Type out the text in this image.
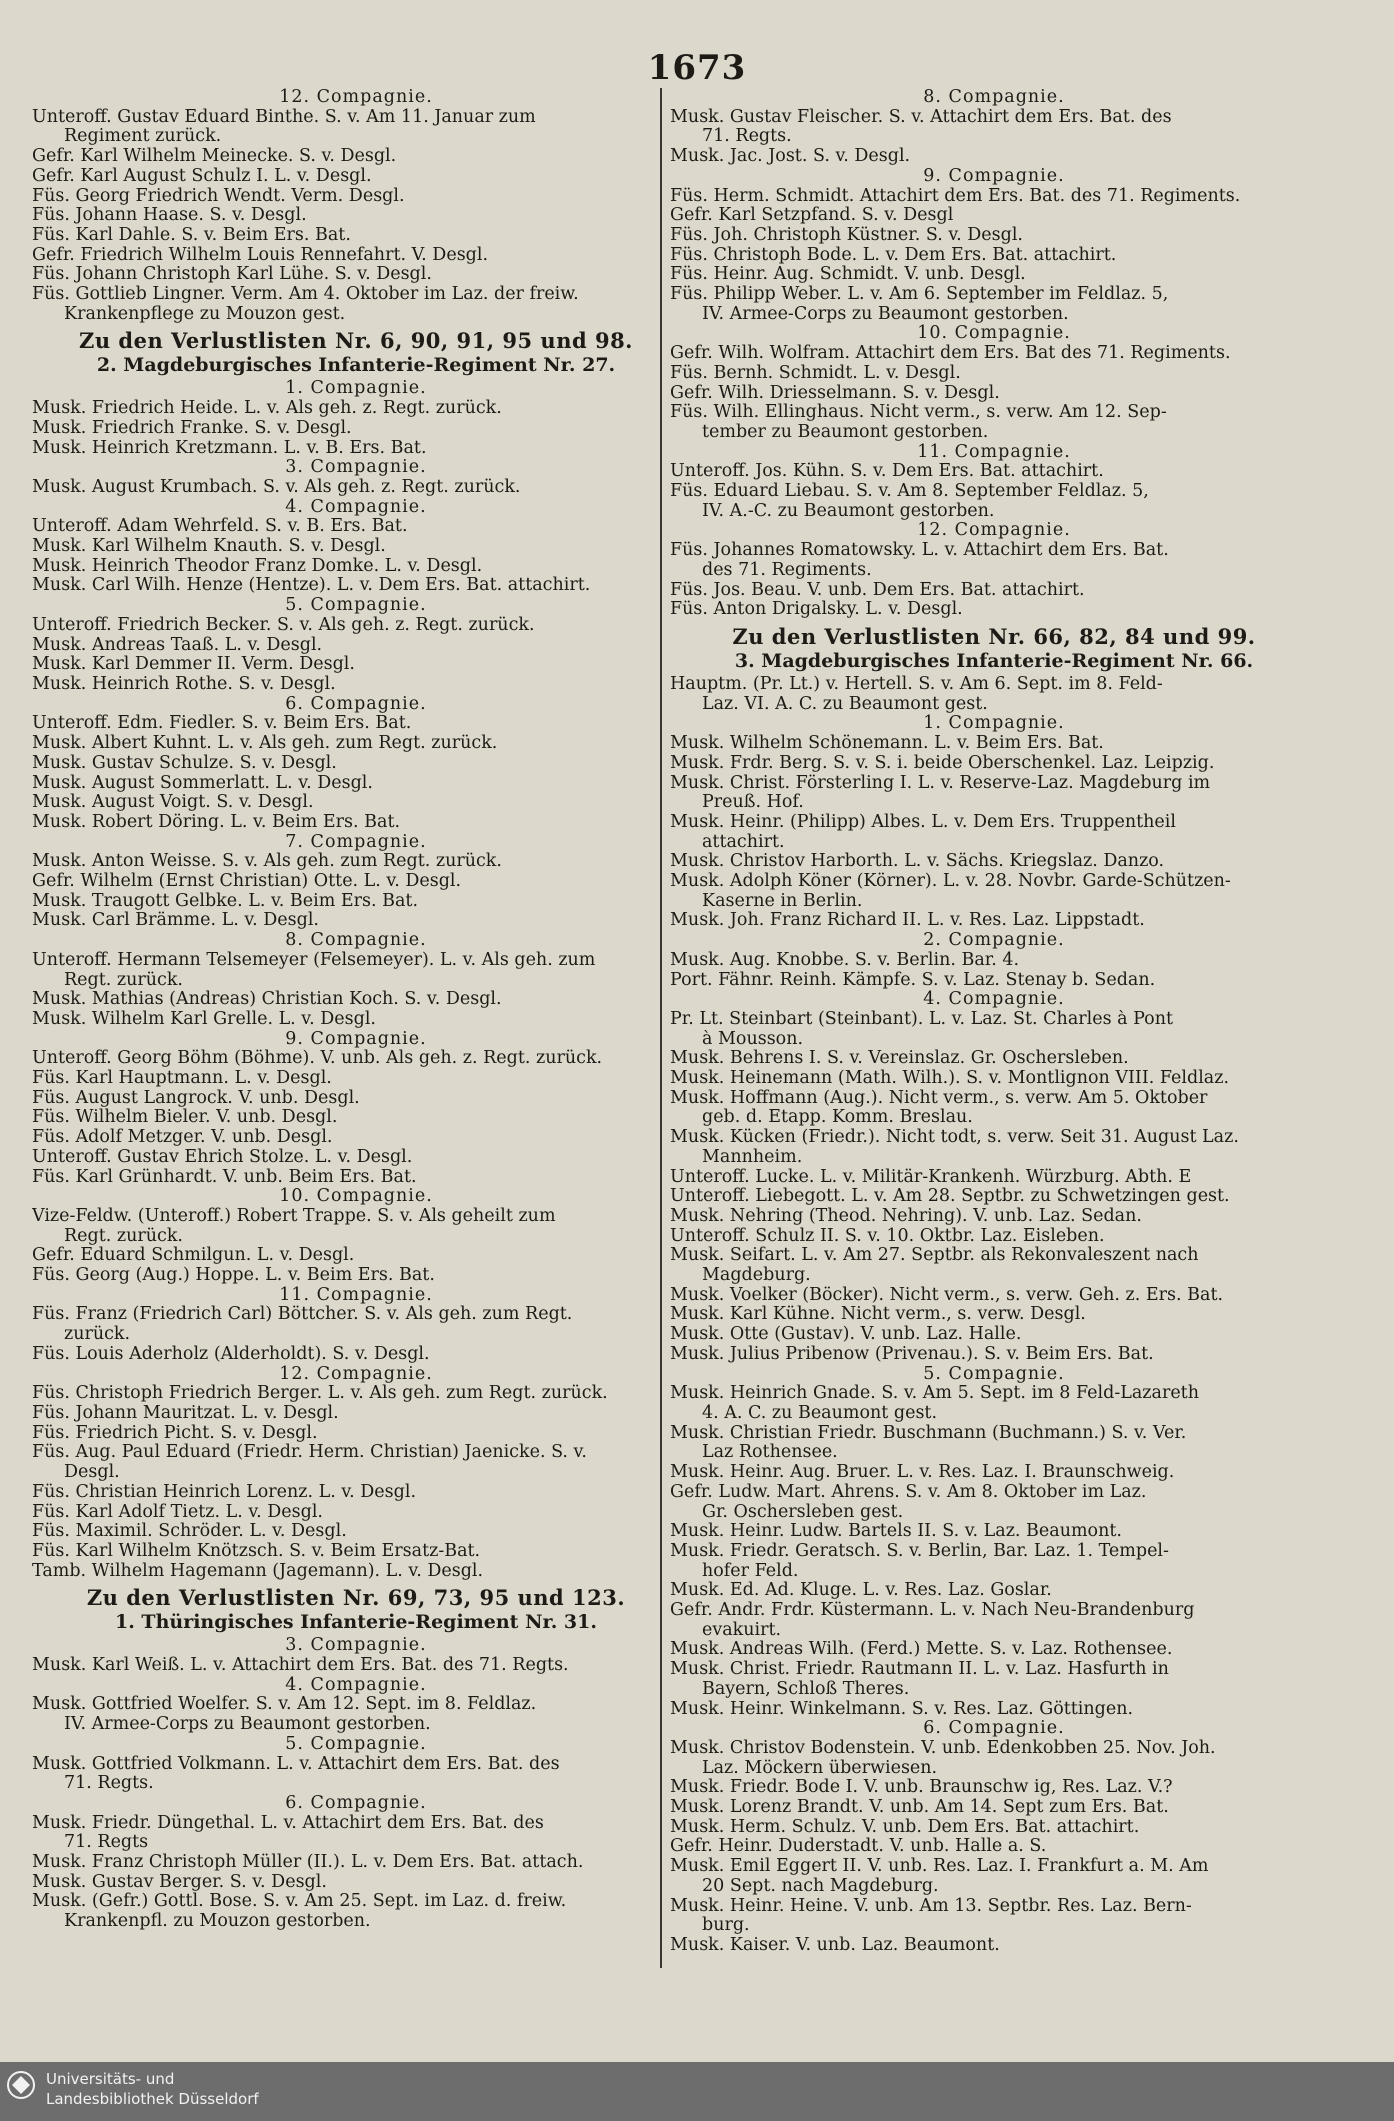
1673
12. Compagnie.
Unteroff. Gustav Eduard Binthe. S. v. Am 11. Januar zum
Regiment zurück.
Gefr. Karl Wilhelm Meinecke. S. v. Desgl.
Gefr. Karl August Schulz I. L. v. Desgl.
Füs. Georg Friedrich Wendt. Verm. Desgl.
Füs. Johann Haase. S. v. Desgl.
Füs. Karl Dahle. S. v. Beim Ers. Bat.
Gefr. Friedrich Wilhelm Louis Rennefahrt. V. Desgl.
Füs. Johann Christoph Karl Lühe. S. v. Desgl.
Füs. Gottlieb Lingner. Verm. Am 4. Oktober im Laz. der freiw.
Krankenpflege zu Mouzon gest.
Zu den Verlustlisten Nr. 6, 90, 91, 95 und 98.
2. Magdeburgisches Infanterie-Regiment Nr. 27.
1. Compagnie.
Musk. Friedrich Heide. L. v. Als geh. z. Regt. zurück.
Musk. Friedrich Franke. S. v. Desgl.
Musk. Heinrich Kretzmann. L. v. B. Ers. Bat.
3. Compagnie.
Musk. August Krumbach. S. v. Als geh. z. Regt. zurück.
4. Compagnie.
Unteroff. Adam Wehrfeld. S. v. B. Ers. Bat.
Musk. Karl Wilhelm Knauth. S. v. Desgl.
Musk. Heinrich Theodor Franz Domke. L. v. Desgl.
Musk. Carl Wilh. Henze (Hentze). L. v. Dem Ers. Bat. attachirt.
5. Compagnie.
Unteroff. Friedrich Becker. S. v. Als geh. z. Regt. zurück.
Musk. Andreas Taaß. L. v. Desgl.
Musk. Karl Demmer II. Verm. Desgl.
Musk. Heinrich Rothe. S. v. Desgl.
6. Compagnie.
Unteroff. Edm. Fiedler. S. v. Beim Ers. Bat.
Musk. Albert Kuhnt. L. v. Als geh. zum Regt. zurück.
Musk. Gustav Schulze. S. v. Desgl.
Musk. August Sommerlatt. L. v. Desgl.
Musk. August Voigt. S. v. Desgl.
Musk. Robert Döring. L. v. Beim Ers. Bat.
7. Compagnie.
Musk. Anton Weisse. S. v. Als geh. zum Regt. zurück.
Gefr. Wilhelm (Ernst Christian) Otte. L. v. Desgl.
Musk. Traugott Gelbke. L. v. Beim Ers. Bat.
Musk. Carl Brämme. L. v. Desgl.
8. Compagnie.
Unteroff. Hermann Telsemeyer (Felsemeyer). L. v. Als geh. zum
Regt. zurück.
Musk. Mathias (Andreas) Christian Koch. S. v. Desgl.
Musk. Wilhelm Karl Grelle. L. v. Desgl.
9. Compagnie.
Unteroff. Georg Böhm (Böhme). V. unb. Als geh. z. Regt. zurück.
Füs. Karl Hauptmann. L. v. Desgl.
Füs. August Langrock. V. unb. Desgl.
Füs. Wilhelm Bieler. V. unb. Desgl.
Füs. Adolf Metzger. V. unb. Desgl.
Unteroff. Gustav Ehrich Stolze. L. v. Desgl.
Füs. Karl Grünhardt. V. unb. Beim Ers. Bat.
10. Compagnie.
Vize-Feldw. (Unteroff.) Robert Trappe. S. v. Als geheilt zum
Regt. zurück.
Gefr. Eduard Schmilgun. L. v. Desgl.
Füs. Georg (Aug.) Hoppe. L. v. Beim Ers. Bat.
11. Compagnie.
Füs. Franz (Friedrich Carl) Böttcher. S. v. Als geh. zum Regt.
zurück.
Füs. Louis Aderholz (Alderholdt). S. v. Desgl.
12. Compagnie.
Füs. Christoph Friedrich Berger. L. v. Als geh. zum Regt. zurück.
Füs. Johann Mauritzat. L. v. Desgl.
Füs. Friedrich Picht. S. v. Desgl.
Füs. Aug. Paul Eduard (Friedr. Herm. Christian) Jaenicke. S. v.
Desgl.
Füs. Christian Heinrich Lorenz. L. v. Desgl.
Füs. Karl Adolf Tietz. L. v. Desgl.
Füs. Maximil. Schröder. L. v. Desgl.
Füs. Karl Wilhelm Knötzsch. S. v. Beim Ersatz-Bat.
Tamb. Wilhelm Hagemann (Jagemann). L. v. Desgl.
Zu den Verlustlisten Nr. 69, 73, 95 und 123.
1. Thüringisches Infanterie-Regiment Nr. 31.
3. Compagnie.
Musk. Karl Weiß. L. v. Attachirt dem Ers. Bat. des 71. Regts.
4. Compagnie.
Musk. Gottfried Woelfer. S. v. Am 12. Sept. im 8. Feldlaz.
IV. Armee-Corps zu Beaumont gestorben.
5. Compagnie.
Musk. Gottfried Volkmann. L. v. Attachirt dem Ers. Bat. des
71. Regts.
6. Compagnie.
Musk. Friedr. Düngethal. L. v. Attachirt dem Ers. Bat. des
71. Regts
Musk. Franz Christoph Müller (II.). L. v. Dem Ers. Bat. attach.
Musk. Gustav Berger. S. v. Desgl.
Musk. (Gefr.) Gottl. Bose. S. v. Am 25. Sept. im Laz. d. freiw.
Krankenpfl. zu Mouzon gestorben.
8. Compagnie.
Musk. Gustav Fleischer. S. v. Attachirt dem Ers. Bat. des
71. Regts.
Musk. Jac. Jost. S. v. Desgl.
9. Compagnie.
Füs. Herm. Schmidt. Attachirt dem Ers. Bat. des 71. Regiments.
Gefr. Karl Setzpfand. S. v. Desgl
Füs. Joh. Christoph Küstner. S. v. Desgl.
Füs. Christoph Bode. L. v. Dem Ers. Bat. attachirt.
Füs. Heinr. Aug. Schmidt. V. unb. Desgl.
Füs. Philipp Weber. L. v. Am 6. September im Feldlaz. 5,
IV. Armee-Corps zu Beaumont gestorben.
10. Compagnie.
Gefr. Wilh. Wolfram. Attachirt dem Ers. Bat des 71. Regiments.
Füs. Bernh. Schmidt. L. v. Desgl.
Gefr. Wilh. Driesselmann. S. v. Desgl.
Füs. Wilh. Ellinghaus. Nicht verm., s. verw. Am 12. Sep-
tember zu Beaumont gestorben.
11. Compagnie.
Unteroff. Jos. Kühn. S. v. Dem Ers. Bat. attachirt.
Füs. Eduard Liebau. S. v. Am 8. September Feldlaz. 5,
IV. A.-C. zu Beaumont gestorben.
12. Compagnie.
Füs. Johannes Romatowsky. L. v. Attachirt dem Ers. Bat.
des 71. Regiments.
Füs. Jos. Beau. V. unb. Dem Ers. Bat. attachirt.
Füs. Anton Drigalsky. L. v. Desgl.
Zu den Verlustlisten Nr. 66, 82, 84 und 99.
3. Magdeburgisches Infanterie-Regiment Nr. 66.
Hauptm. (Pr. Lt.) v. Hertell. S. v. Am 6. Sept. im 8. Feld-
Laz. VI. A. C. zu Beaumont gest.
1. Compagnie.
Musk. Wilhelm Schönemann. L. v. Beim Ers. Bat.
Musk. Frdr. Berg. S. v. S. i. beide Oberschenkel. Laz. Leipzig.
Musk. Christ. Försterling I. L. v. Reserve-Laz. Magdeburg im
Preuß. Hof.
Musk. Heinr. (Philipp) Albes. L. v. Dem Ers. Truppentheil
attachirt.
Musk. Christov Harborth. L. v. Sächs. Kriegslaz. Danzo.
Musk. Adolph Köner (Körner). L. v. 28. Novbr. Garde-Schützen-
Kaserne in Berlin.
Musk. Joh. Franz Richard II. L. v. Res. Laz. Lippstadt.
2. Compagnie.
Musk. Aug. Knobbe. S. v. Berlin. Bar. 4.
Port. Fähnr. Reinh. Kämpfe. S. v. Laz. Stenay b. Sedan.
4. Compagnie.
Pr. Lt. Steinbart (Steinbant). L. v. Laz. St. Charles à Pont
à Mousson.
Musk. Behrens I. S. v. Vereinslaz. Gr. Oschersleben.
Musk. Heinemann (Math. Wilh.). S. v. Montlignon VIII. Feldlaz.
Musk. Hoffmann (Aug.). Nicht verm., s. verw. Am 5. Oktober
geb. d. Etapp. Komm. Breslau.
Musk. Kücken (Friedr.). Nicht todt, s. verw. Seit 31. August Laz.
Mannheim.
Unteroff. Lucke. L. v. Militär-Krankenh. Würzburg. Abth. E
Unteroff. Liebegott. L. v. Am 28. Septbr. zu Schwetzingen gest.
Musk. Nehring (Theod. Nehring). V. unb. Laz. Sedan.
Unteroff. Schulz II. S. v. 10. Oktbr. Laz. Eisleben.
Musk. Seifart. L. v. Am 27. Septbr. als Rekonvaleszent nach
Magdeburg.
Musk. Voelker (Böcker). Nicht verm., s. verw. Geh. z. Ers. Bat.
Musk. Karl Kühne. Nicht verm., s. verw. Desgl.
Musk. Otte (Gustav). V. unb. Laz. Halle.
Musk. Julius Pribenow (Privenau.). S. v. Beim Ers. Bat.
5. Compagnie.
Musk. Heinrich Gnade. S. v. Am 5. Sept. im 8 Feld-Lazareth
4. A. C. zu Beaumont gest.
Musk. Christian Friedr. Buschmann (Buchmann.) S. v. Ver.
Laz Rothensee.
Musk. Heinr. Aug. Bruer. L. v. Res. Laz. I. Braunschweig.
Gefr. Ludw. Mart. Ahrens. S. v. Am 8. Oktober im Laz.
Gr. Oschersleben gest.
Musk. Heinr. Ludw. Bartels II. S. v. Laz. Beaumont.
Musk. Friedr. Geratsch. S. v. Berlin, Bar. Laz. 1. Tempel-
hofer Feld.
Musk. Ed. Ad. Kluge. L. v. Res. Laz. Goslar.
Gefr. Andr. Frdr. Küstermann. L. v. Nach Neu-Brandenburg
evakuirt.
Musk. Andreas Wilh. (Ferd.) Mette. S. v. Laz. Rothensee.
Musk. Christ. Friedr. Rautmann II. L. v. Laz. Hasfurth in
Bayern, Schloß Theres.
Musk. Heinr. Winkelmann. S. v. Res. Laz. Göttingen.
6. Compagnie.
Musk. Christov Bodenstein. V. unb. Edenkobben 25. Nov. Joh.
Laz. Möckern überwiesen.
Musk. Friedr. Bode I. V. unb. Braunschw ig, Res. Laz. V.?
Musk. Lorenz Brandt. V. unb. Am 14. Sept zum Ers. Bat.
Musk. Herm. Schulz. V. unb. Dem Ers. Bat. attachirt.
Gefr. Heinr. Duderstadt. V. unb. Halle a. S.
Musk. Emil Eggert II. V. unb. Res. Laz. I. Frankfurt a. M. Am
20 Sept. nach Magdeburg.
Musk. Heinr. Heine. V. unb. Am 13. Septbr. Res. Laz. Bern-
burg.
Musk. Kaiser. V. unb. Laz. Beaumont.
Universitäts- und
Landesbibliothek Düsseldorf
